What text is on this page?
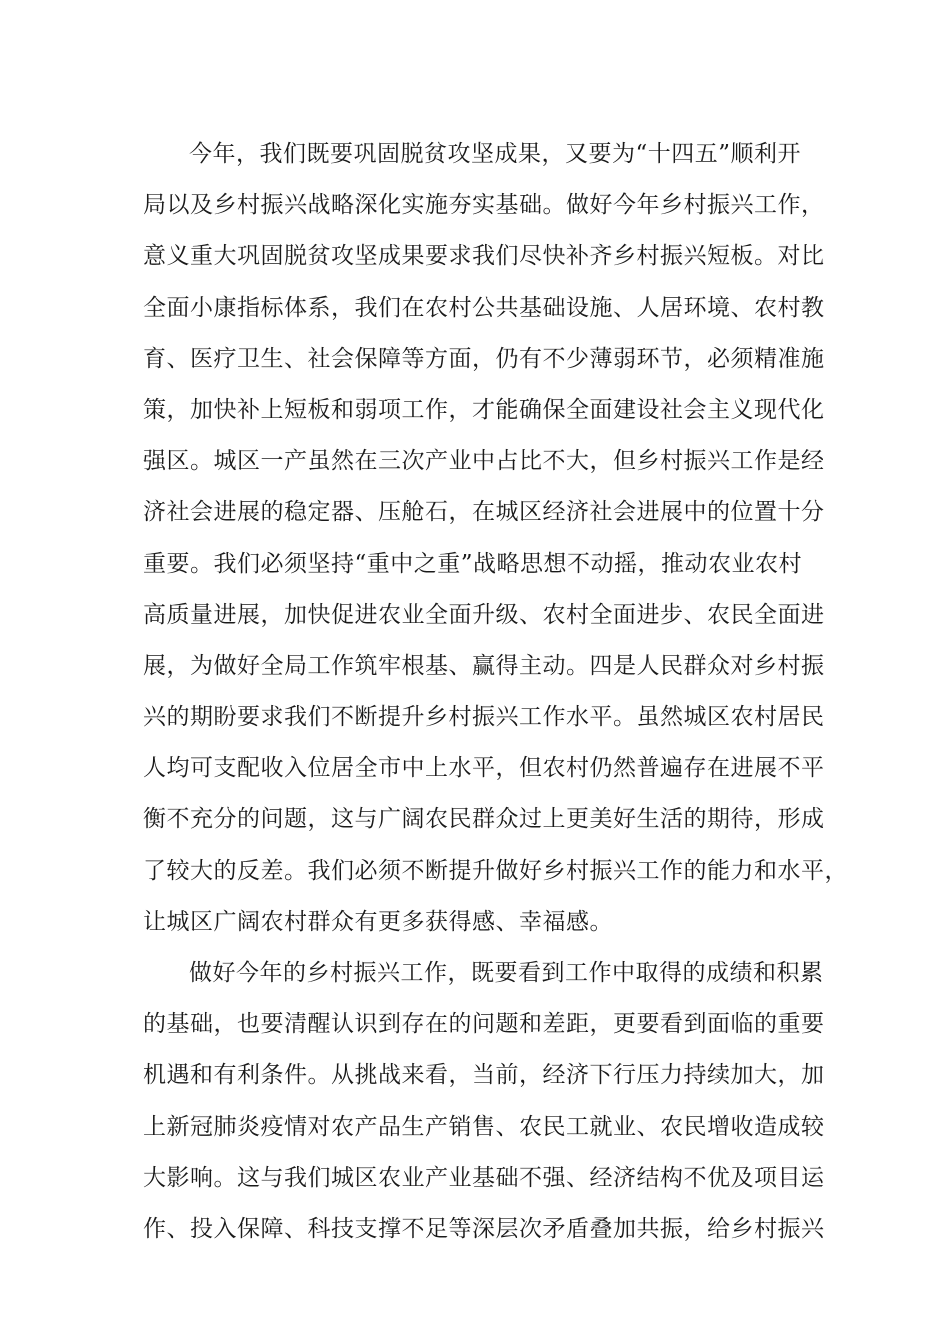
今年，我们既要巩固脱贫攻坚成果，又要为“十四五”顺利开
局以及乡村振兴战略深化实施夯实基础。做好今年乡村振兴工作，
意义重大巩固脱贫攻坚成果要求我们尽快补齐乡村振兴短板。对比
全面小康指标体系，我们在农村公共基础设施、人居环境、农村教
育、医疗卫生、社会保障等方面，仍有不少薄弱环节，必须精准施
策，加快补上短板和弱项工作，才能确保全面建设社会主义现代化
强区。城区一产虽然在三次产业中占比不大，但乡村振兴工作是经
济社会进展的稳定器、压舱石，在城区经济社会进展中的位置十分
重要。我们必须坚持“重中之重”战略思想不动摇，推动农业农村
高质量进展，加快促进农业全面升级、农村全面进步、农民全面进
展，为做好全局工作筑牢根基、赢得主动。四是人民群众对乡村振
兴的期盼要求我们不断提升乡村振兴工作水平。虽然城区农村居民
人均可支配收入位居全市中上水平，但农村仍然普遍存在进展不平
衡不充分的问题，这与广阔农民群众过上更美好生活的期待，形成
了较大的反差。我们必须不断提升做好乡村振兴工作的能力和水平，
让城区广阔农村群众有更多获得感、幸福感。
做好今年的乡村振兴工作，既要看到工作中取得的成绩和积累
的基础，也要清醒认识到存在的问题和差距，更要看到面临的重要
机遇和有利条件。从挑战来看，当前，经济下行压力持续加大，加
上新冠肺炎疫情对农产品生产销售、农民工就业、农民增收造成较
大影响。这与我们城区农业产业基础不强、经济结构不优及项目运
作、投入保障、科技支撑不足等深层次矛盾叠加共振，给乡村振兴
